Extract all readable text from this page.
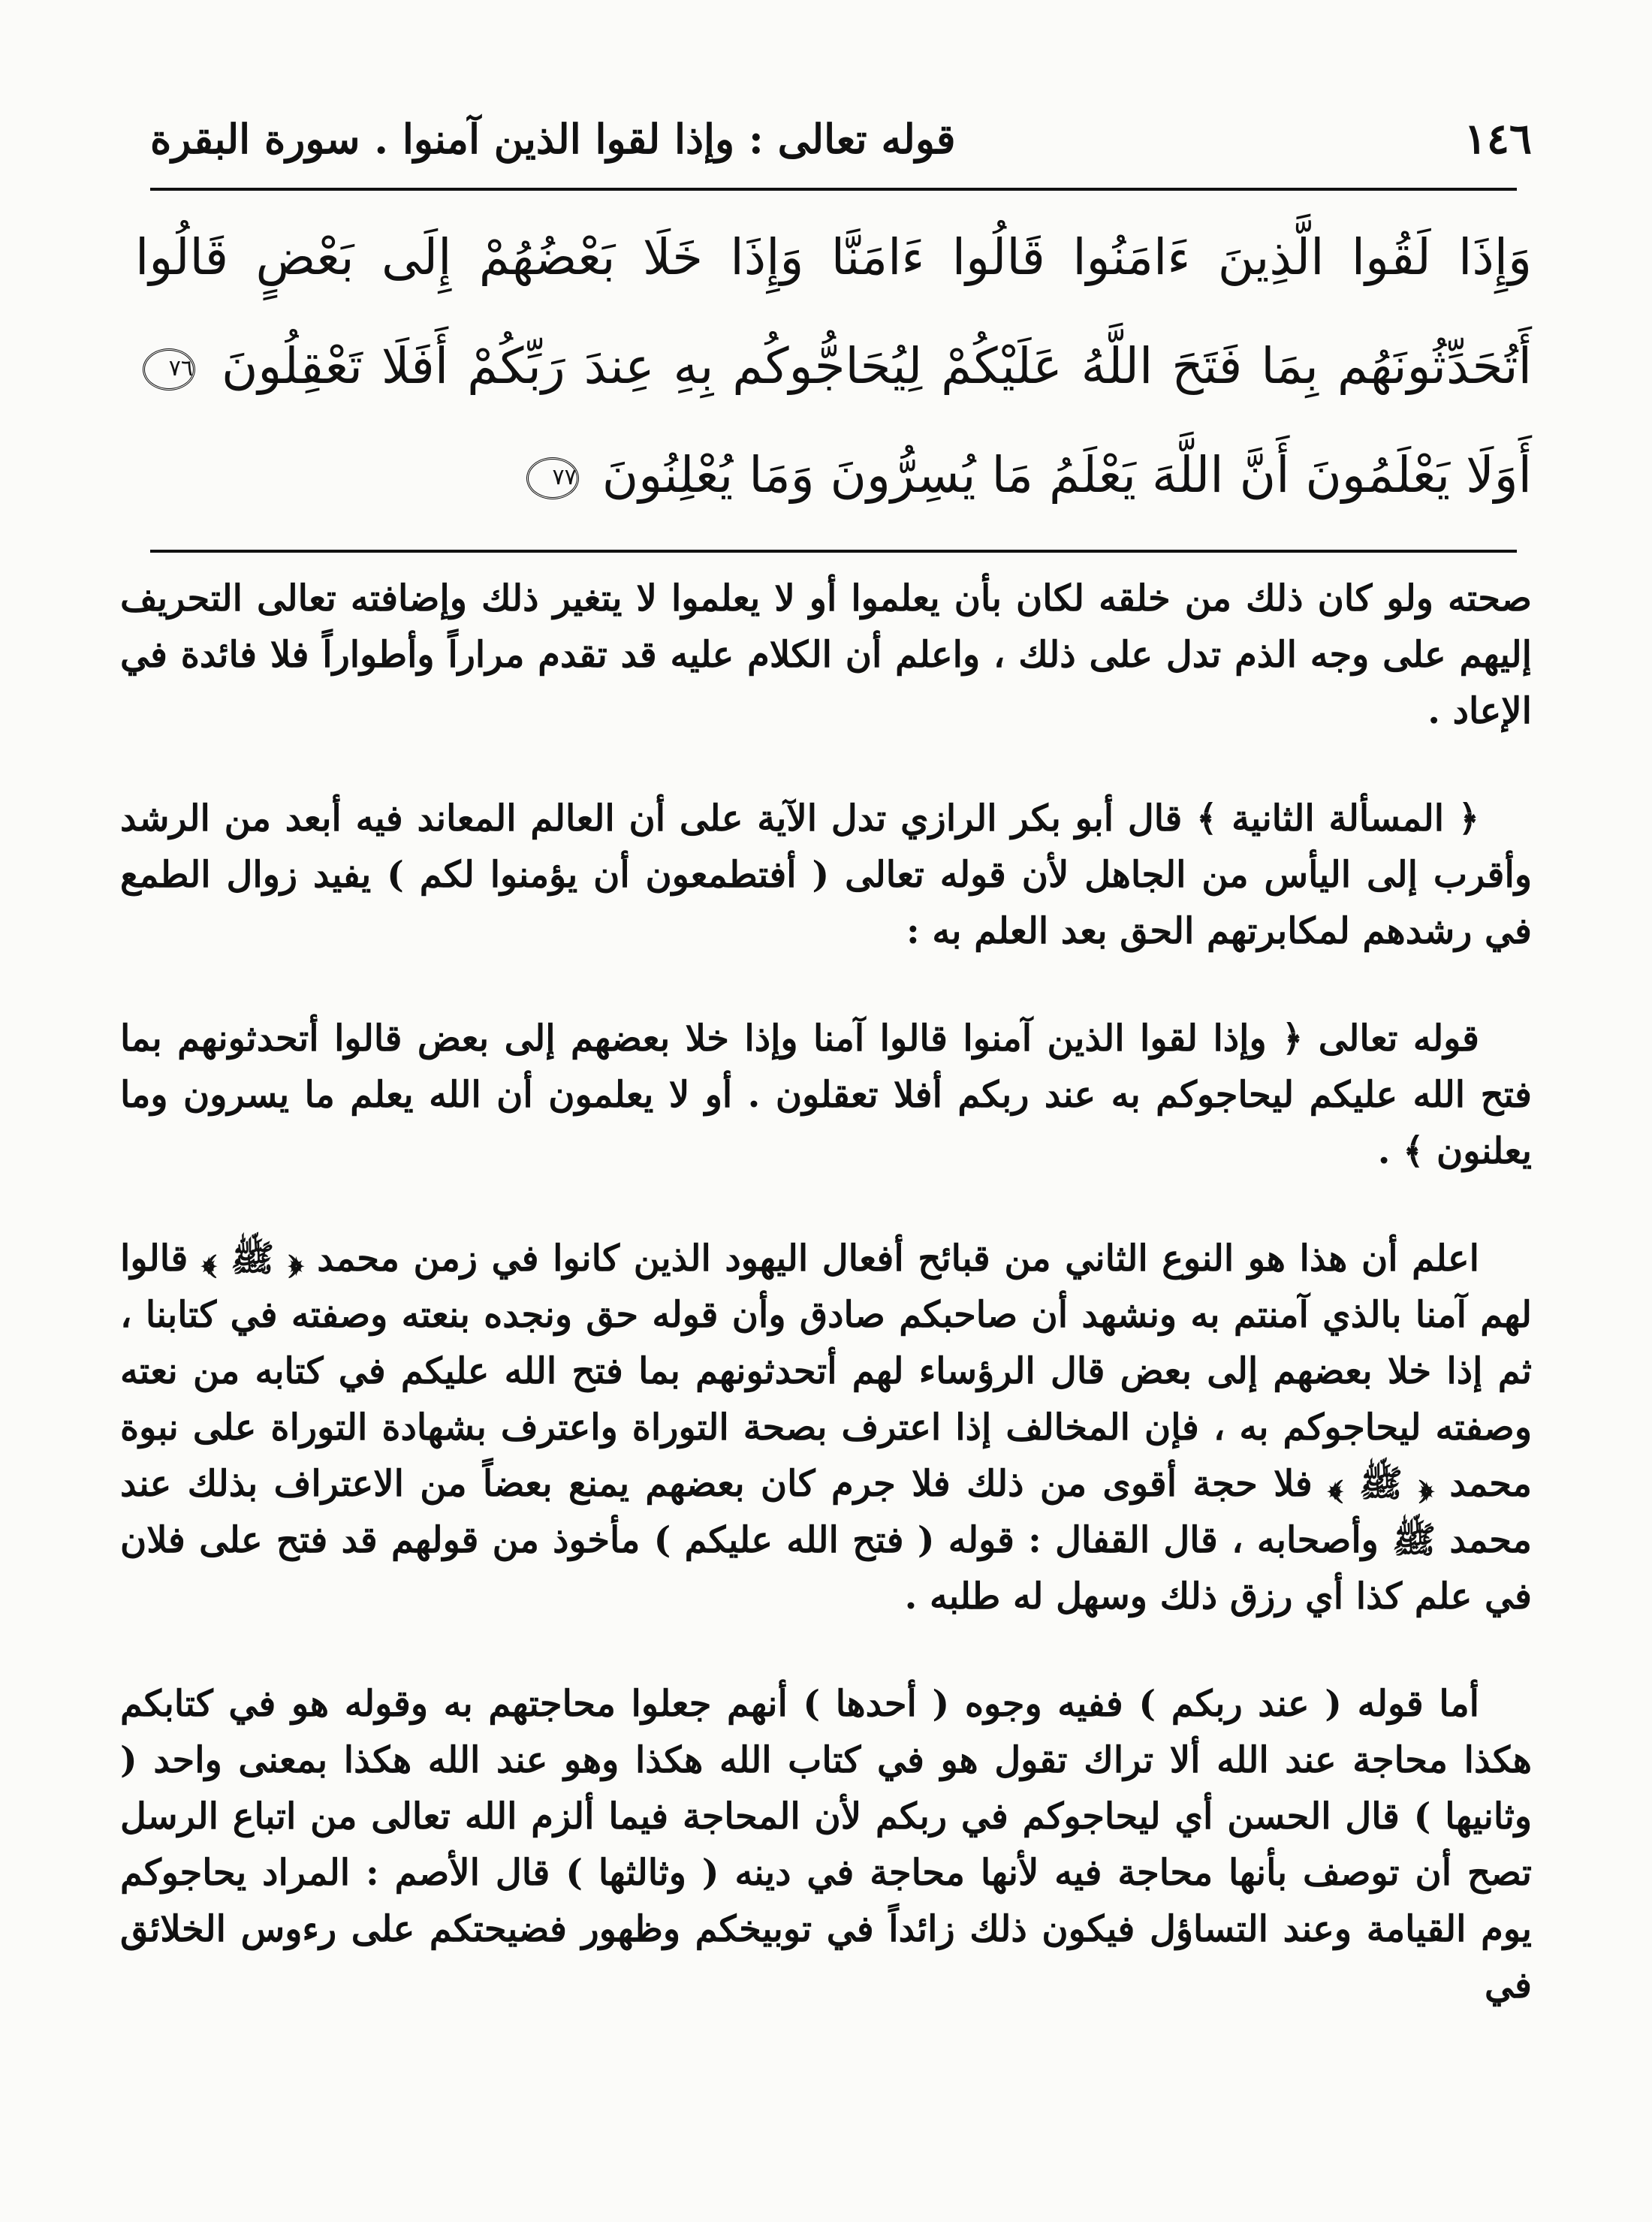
١٤٦
قوله تعالى : وإذا لقوا الذين آمنوا . سورة البقرة
وَإِذَا لَقُوا الَّذِينَ ءَامَنُوا قَالُوا ءَامَنَّا وَإِذَا خَلَا بَعْضُهُمْ إِلَى بَعْضٍ قَالُوا أَتُحَدِّثُونَهُم بِمَا فَتَحَ اللَّهُ عَلَيْكُمْ لِيُحَاجُّوكُم بِهِ عِندَ رَبِّكُمْ أَفَلَا تَعْقِلُونَ ٧٦ أَوَلَا يَعْلَمُونَ أَنَّ اللَّهَ يَعْلَمُ مَا يُسِرُّونَ وَمَا يُعْلِنُونَ ٧٧

صحته ولو كان ذلك من خلقه لكان بأن يعلموا أو لا يعلموا لا يتغير ذلك وإضافته تعالى التحريف إليهم على وجه الذم تدل على ذلك ، واعلم أن الكلام عليه قد تقدم مراراً وأطواراً فلا فائدة في الإعاد .

﴿ المسألة الثانية ﴾ قال أبو بكر الرازي تدل الآية على أن العالم المعاند فيه أبعد من الرشد وأقرب إلى اليأس من الجاهل لأن قوله تعالى ( أفتطمعون أن يؤمنوا لكم ) يفيد زوال الطمع في رشدهم لمكابرتهم الحق بعد العلم به :

قوله تعالى ﴿ وإذا لقوا الذين آمنوا قالوا آمنا وإذا خلا بعضهم إلى بعض قالوا أتحدثونهم بما فتح الله عليكم ليحاجوكم به عند ربكم أفلا تعقلون . أو لا يعلمون أن الله يعلم ما يسرون وما يعلنون ﴾ .

اعلم أن هذا هو النوع الثاني من قبائح أفعال اليهود الذين كانوا في زمن محمد ﴿ ﷺ ﴾ قالوا لهم آمنا بالذي آمنتم به ونشهد أن صاحبكم صادق وأن قوله حق ونجده بنعته وصفته في كتابنا ، ثم إذا خلا بعضهم إلى بعض قال الرؤساء لهم أتحدثونهم بما فتح الله عليكم في كتابه من نعته وصفته ليحاجوكم به ، فإن المخالف إذا اعترف بصحة التوراة واعترف بشهادة التوراة على نبوة محمد ﴿ ﷺ ﴾ فلا حجة أقوى من ذلك فلا جرم كان بعضهم يمنع بعضاً من الاعتراف بذلك عند محمد ﷺ وأصحابه ، قال القفال : قوله ( فتح الله عليكم ) مأخوذ من قولهم قد فتح على فلان في علم كذا أي رزق ذلك وسهل له طلبه .

أما قوله ( عند ربكم ) ففيه وجوه ( أحدها ) أنهم جعلوا محاجتهم به وقوله هو في كتابكم هكذا محاجة عند الله ألا تراك تقول هو في كتاب الله هكذا وهو عند الله هكذا بمعنى واحد ( وثانيها ) قال الحسن أي ليحاجوكم في ربكم لأن المحاجة فيما ألزم الله تعالى من اتباع الرسل تصح أن توصف بأنها محاجة فيه لأنها محاجة في دينه ( وثالثها ) قال الأصم : المراد يحاجوكم يوم القيامة وعند التساؤل فيكون ذلك زائداً في توبيخكم وظهور فضيحتكم على رءوس الخلائق في
